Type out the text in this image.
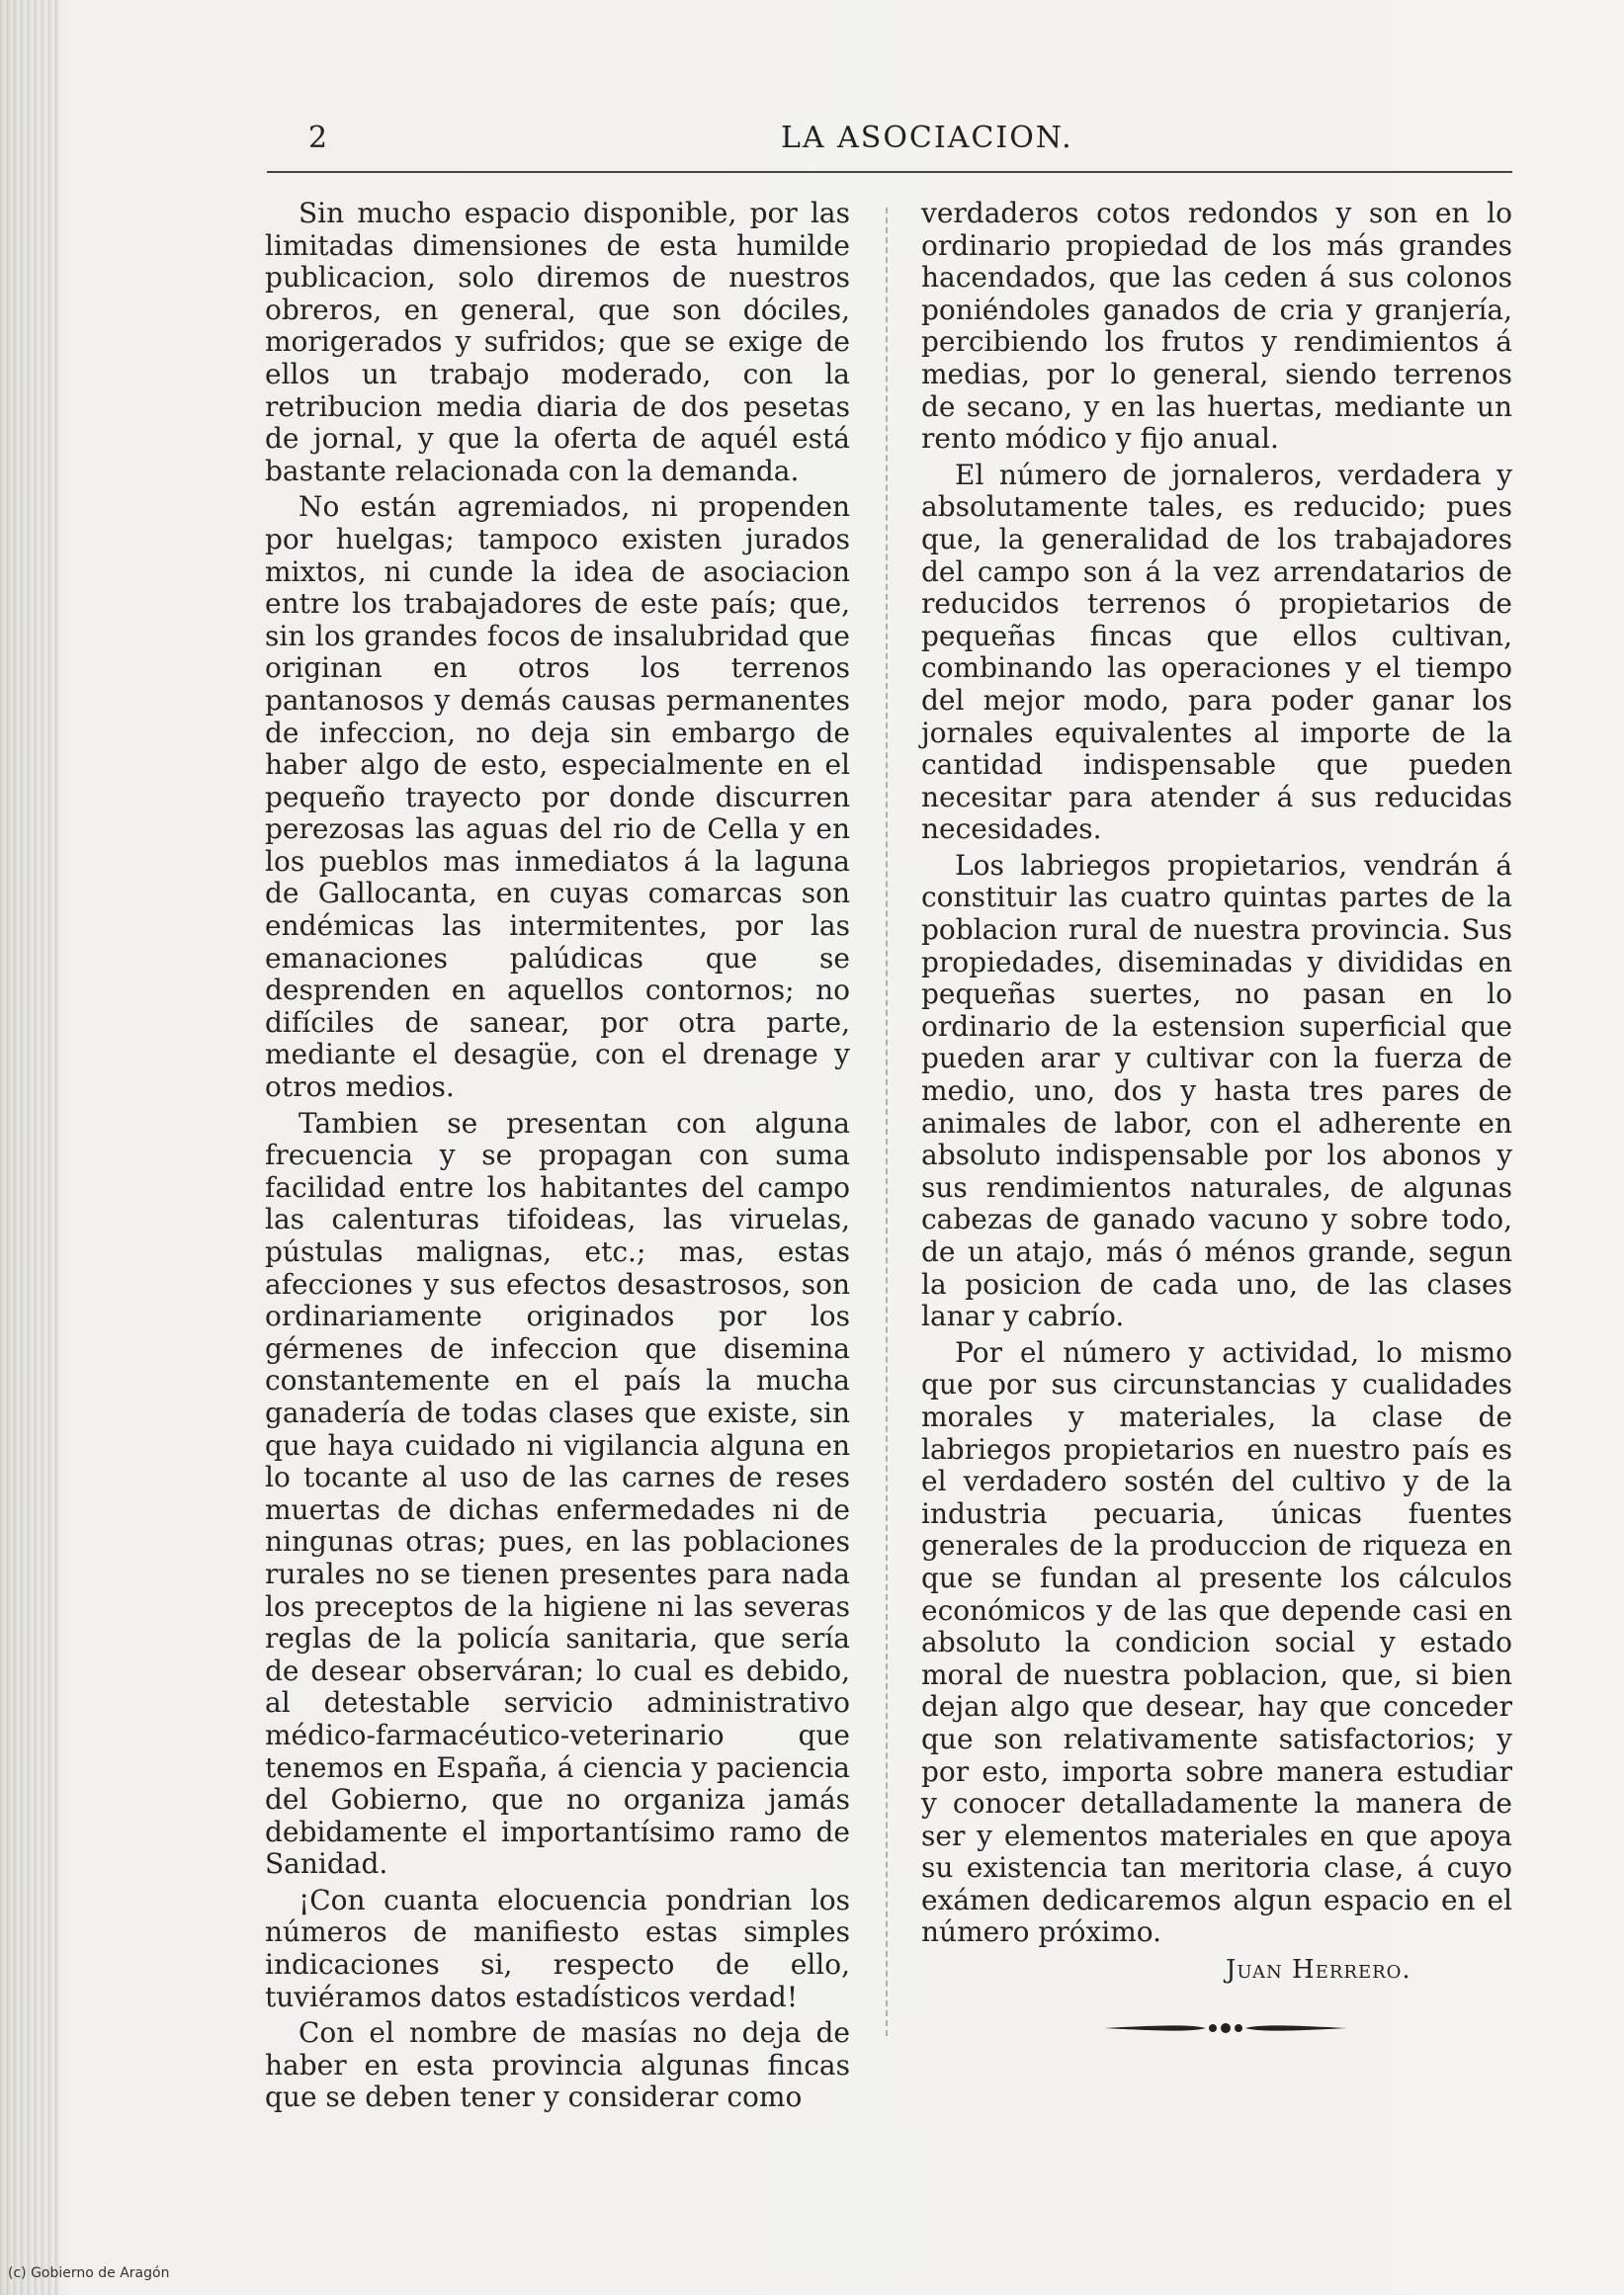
2	LA ASOCIACION.

Sin mucho espacio disponible, por las limitadas dimensiones de esta humilde publicacion, solo diremos de nuestros obreros, en general, que son dóciles, morigerados y sufridos; que se exige de ellos un trabajo moderado, con la retribucion media diaria de dos pesetas de jornal, y que la oferta de aquél está bastante relacionada con la demanda.

No están agremiados, ni propenden por huelgas; tampoco existen jurados mixtos, ni cunde la idea de asociacion entre los trabajadores de este país; que, sin los grandes focos de insalubridad que originan en otros los terrenos pantanosos y demás causas permanentes de infeccion, no deja sin embargo de haber algo de esto, especialmente en el pequeño trayecto por donde discurren perezosas las aguas del rio de Cella y en los pueblos mas inmediatos á la laguna de Gallocanta, en cuyas comarcas son endémicas las intermitentes, por las emanaciones palúdicas que se desprenden en aquellos contornos; no difíciles de sanear, por otra parte, mediante el desagüe, con el drenage y otros medios.

Tambien se presentan con alguna frecuencia y se propagan con suma facilidad entre los habitantes del campo las calenturas tifoideas, las viruelas, pústulas malignas, etc.; mas, estas afecciones y sus efectos desastrosos, son ordinariamente originados por los gérmenes de infeccion que disemina constantemente en el país la mucha ganadería de todas clases que existe, sin que haya cuidado ni vigilancia alguna en lo tocante al uso de las carnes de reses muertas de dichas enfermedades ni de ningunas otras; pues, en las poblaciones rurales no se tienen presentes para nada los preceptos de la higiene ni las severas reglas de la policía sanitaria, que sería de desear observáran; lo cual es debido, al detestable servicio administrativo médico-farmacéutico-veterinario que tenemos en España, á ciencia y paciencia del Gobierno, que no organiza jamás debidamente el importantísimo ramo de Sanidad.

¡Con cuanta elocuencia pondrian los números de manifiesto estas simples indicaciones si, respecto de ello, tuviéramos datos estadísticos verdad!

Con el nombre de masías no deja de haber en esta provincia algunas fincas que se deben tener y considerar como

verdaderos cotos redondos y son en lo ordinario propiedad de los más grandes hacendados, que las ceden á sus colonos poniéndoles ganados de cria y granjería, percibiendo los frutos y rendimientos á medias, por lo general, siendo terrenos de secano, y en las huertas, mediante un rento módico y fijo anual.

El número de jornaleros, verdadera y absolutamente tales, es reducido; pues que, la generalidad de los trabajadores del campo son á la vez arrendatarios de reducidos terrenos ó propietarios de pequeñas fincas que ellos cultivan, combinando las operaciones y el tiempo del mejor modo, para poder ganar los jornales equivalentes al importe de la cantidad indispensable que pueden necesitar para atender á sus reducidas necesidades.

Los labriegos propietarios, vendrán á constituir las cuatro quintas partes de la poblacion rural de nuestra provincia. Sus propiedades, diseminadas y divididas en pequeñas suertes, no pasan en lo ordinario de la estension superficial que pueden arar y cultivar con la fuerza de medio, uno, dos y hasta tres pares de animales de labor, con el adherente en absoluto indispensable por los abonos y sus rendimientos naturales, de algunas cabezas de ganado vacuno y sobre todo, de un atajo, más ó ménos grande, segun la posicion de cada uno, de las clases lanar y cabrío.

Por el número y actividad, lo mismo que por sus circunstancias y cualidades morales y materiales, la clase de labriegos propietarios en nuestro país es el verdadero sostén del cultivo y de la industria pecuaria, únicas fuentes generales de la produccion de riqueza en que se fundan al presente los cálculos económicos y de las que depende casi en absoluto la condicion social y estado moral de nuestra poblacion, que, si bien dejan algo que desear, hay que conceder que son relativamente satisfactorios; y por esto, importa sobre manera estudiar y conocer detalladamente la manera de ser y elementos materiales en que apoya su existencia tan meritoria clase, á cuyo exámen dedicaremos algun espacio en el número próximo.

Juan Herrero.
(c) Gobierno de Aragón
